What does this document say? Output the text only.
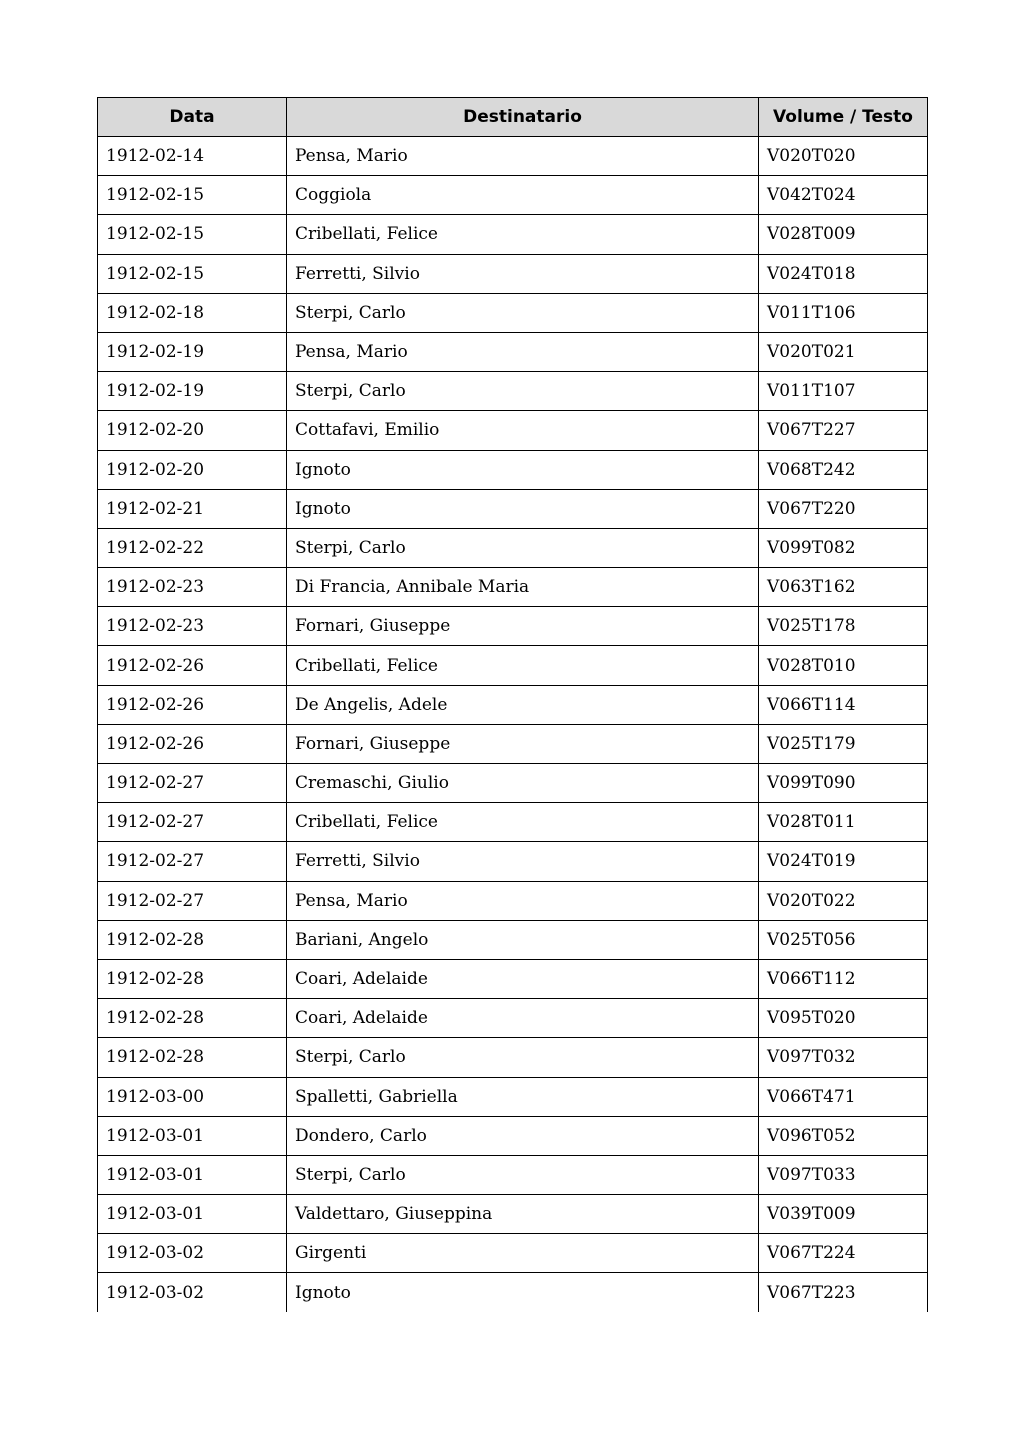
Data	Destinatario	Volume / Testo
1912-02-14	Pensa, Mario	V020T020
1912-02-15	Coggiola	V042T024
1912-02-15	Cribellati, Felice	V028T009
1912-02-15	Ferretti, Silvio	V024T018
1912-02-18	Sterpi, Carlo	V011T106
1912-02-19	Pensa, Mario	V020T021
1912-02-19	Sterpi, Carlo	V011T107
1912-02-20	Cottafavi, Emilio	V067T227
1912-02-20	Ignoto	V068T242
1912-02-21	Ignoto	V067T220
1912-02-22	Sterpi, Carlo	V099T082
1912-02-23	Di Francia, Annibale Maria	V063T162
1912-02-23	Fornari, Giuseppe	V025T178
1912-02-26	Cribellati, Felice	V028T010
1912-02-26	De Angelis, Adele	V066T114
1912-02-26	Fornari, Giuseppe	V025T179
1912-02-27	Cremaschi, Giulio	V099T090
1912-02-27	Cribellati, Felice	V028T011
1912-02-27	Ferretti, Silvio	V024T019
1912-02-27	Pensa, Mario	V020T022
1912-02-28	Bariani, Angelo	V025T056
1912-02-28	Coari, Adelaide	V066T112
1912-02-28	Coari, Adelaide	V095T020
1912-02-28	Sterpi, Carlo	V097T032
1912-03-00	Spalletti, Gabriella	V066T471
1912-03-01	Dondero, Carlo	V096T052
1912-03-01	Sterpi, Carlo	V097T033
1912-03-01	Valdettaro, Giuseppina	V039T009
1912-03-02	Girgenti	V067T224
1912-03-02	Ignoto	V067T223
